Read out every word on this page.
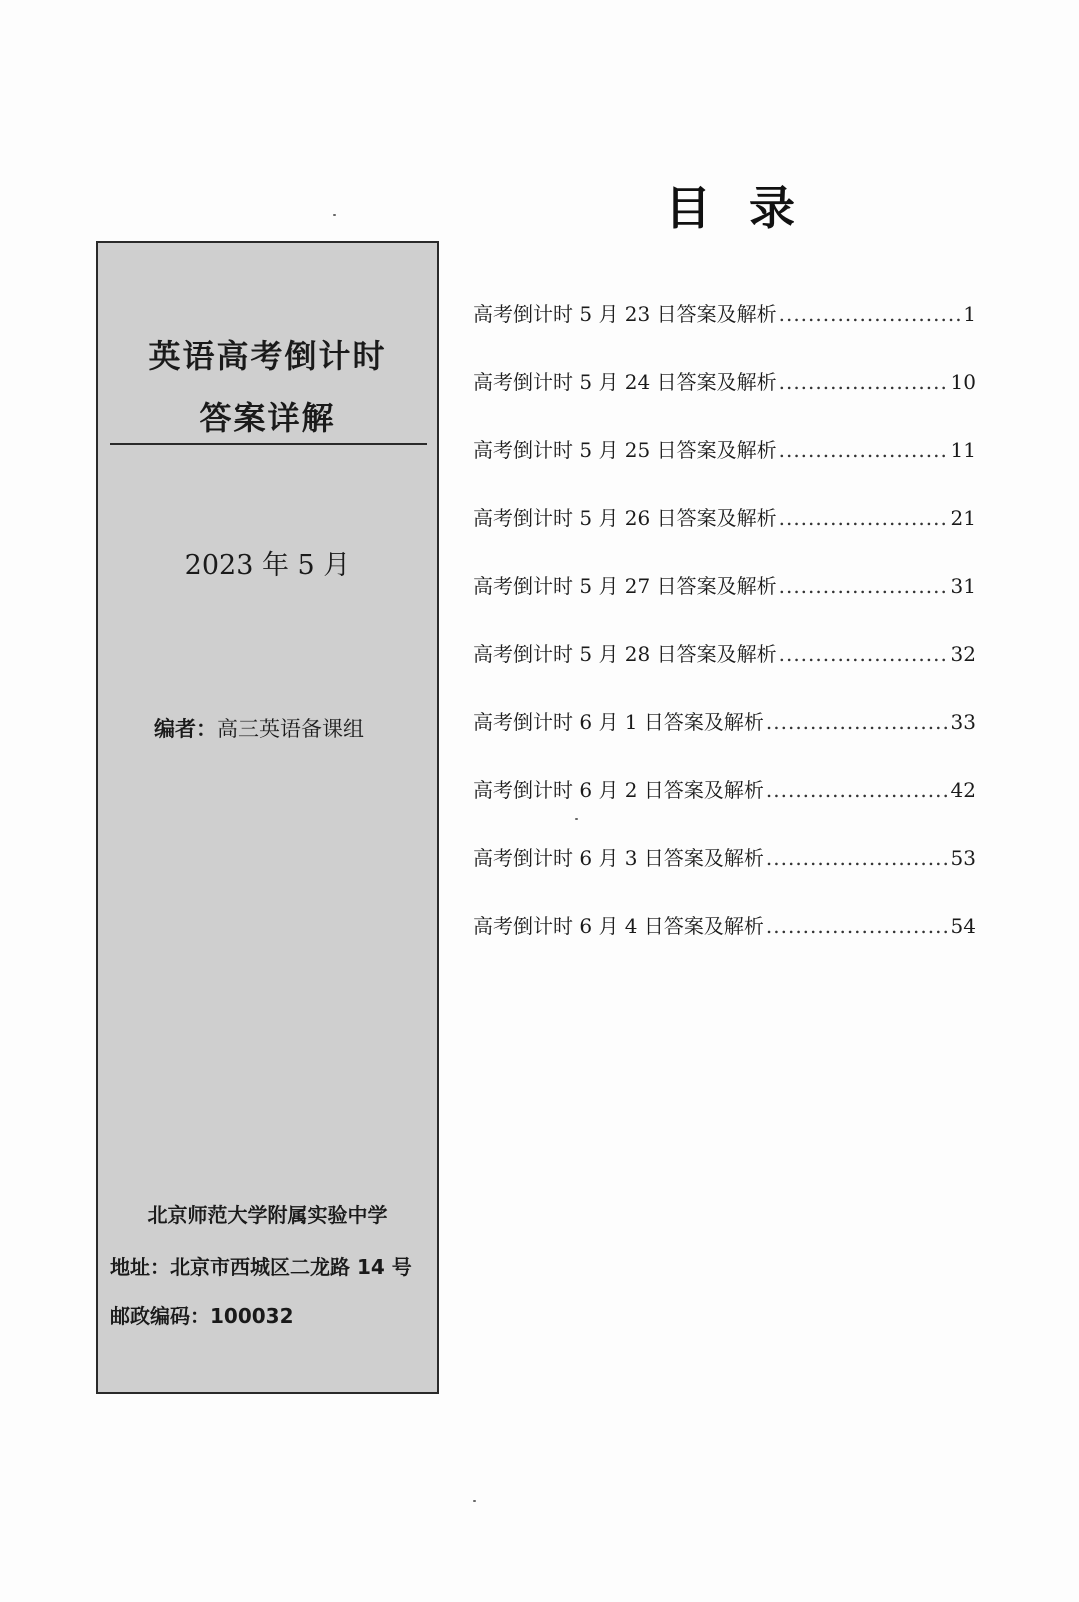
英语高考倒计时
答案详解
2023 年 5 月
编者：高三英语备课组
北京师范大学附属实验中学
地址：北京市西城区二龙路 14 号
邮政编码：100032
目录
高考倒计时 5 月 23 日答案及解析 .....	1
高考倒计时 5 月 24 日答案及解析 .....	10
高考倒计时 5 月 25 日答案及解析 .....	11
高考倒计时 5 月 26 日答案及解析 .....	21
高考倒计时 5 月 27 日答案及解析 .....	31
高考倒计时 5 月 28 日答案及解析 .....	32
高考倒计时 6 月 1 日答案及解析 .....	33
高考倒计时 6 月 2 日答案及解析 .....	42
高考倒计时 6 月 3 日答案及解析 .....	53
高考倒计时 6 月 4 日答案及解析 .....	54
